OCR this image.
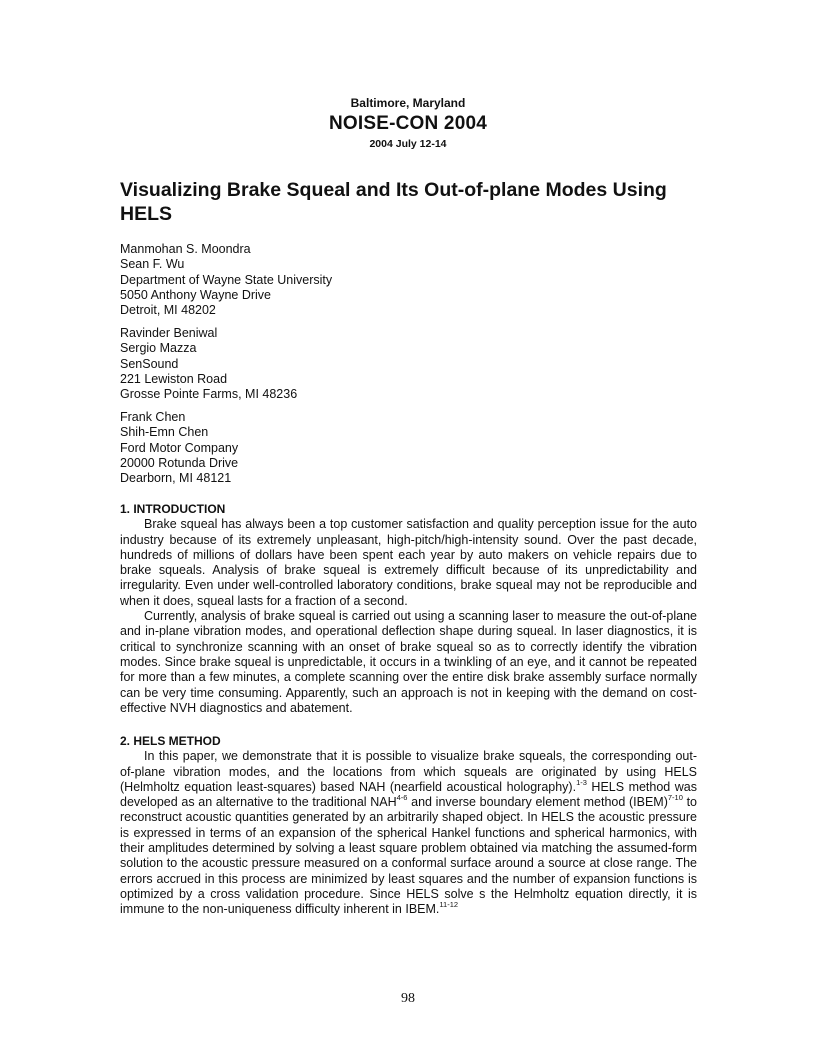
Baltimore, Maryland
NOISE-CON 2004
2004 July 12-14
Visualizing Brake Squeal and Its Out-of-plane Modes Using HELS
Manmohan S. Moondra
Sean F. Wu
Department of Wayne State University
5050 Anthony Wayne Drive
Detroit, MI 48202
Ravinder Beniwal
Sergio Mazza
SenSound
221 Lewiston Road
Grosse Pointe Farms, MI 48236
Frank Chen
Shih-Emn Chen
Ford Motor Company
20000 Rotunda Drive
Dearborn, MI 48121
1. INTRODUCTION

Brake squeal has always been a top customer satisfaction and quality perception issue for the auto industry because of its extremely unpleasant, high-pitch/high-intensity sound. Over the past decade, hundreds of millions of dollars have been spent each year by auto makers on vehicle repairs due to brake squeals. Analysis of brake squeal is extremely difficult because of its unpredictability and irregularity. Even under well-controlled laboratory conditions, brake squeal may not be reproducible and when it does, squeal lasts for a fraction of a second.

Currently, analysis of brake squeal is carried out using a scanning laser to measure the out-of-plane and in-plane vibration modes, and operational deflection shape during squeal. In laser diagnostics, it is critical to synchronize scanning with an onset of brake squeal so as to correctly identify the vibration modes. Since brake squeal is unpredictable, it occurs in a twinkling of an eye, and it cannot be repeated for more than a few minutes, a complete scanning over the entire disk brake assembly surface normally can be very time consuming. Apparently, such an approach is not in keeping with the demand on cost-effective NVH diagnostics and abatement.

2. HELS METHOD

In this paper, we demonstrate that it is possible to visualize brake squeals, the corresponding out-of-plane vibration modes, and the locations from which squeals are originated by using HELS (Helmholtz equation least-squares) based NAH (nearfield acoustical holography).$^{1-3}$ HELS method was developed as an alternative to the traditional NAH$^{4-6}$ and inverse boundary element method (IBEM)$^{7-10}$ to reconstruct acoustic quantities generated by an arbitrarily shaped object. In HELS the acoustic pressure is expressed in terms of an expansion of the spherical Hankel functions and spherical harmonics, with their amplitudes determined by solving a least square problem obtained via matching the assumed-form solution to the acoustic pressure measured on a conformal surface around a source at close range. The errors accrued in this process are minimized by least squares and the number of expansion functions is optimized by a cross validation procedure. Since HELS solve s the Helmholtz equation directly, it is immune to the non-uniqueness difficulty inherent in IBEM.$^{11-12}$

98
